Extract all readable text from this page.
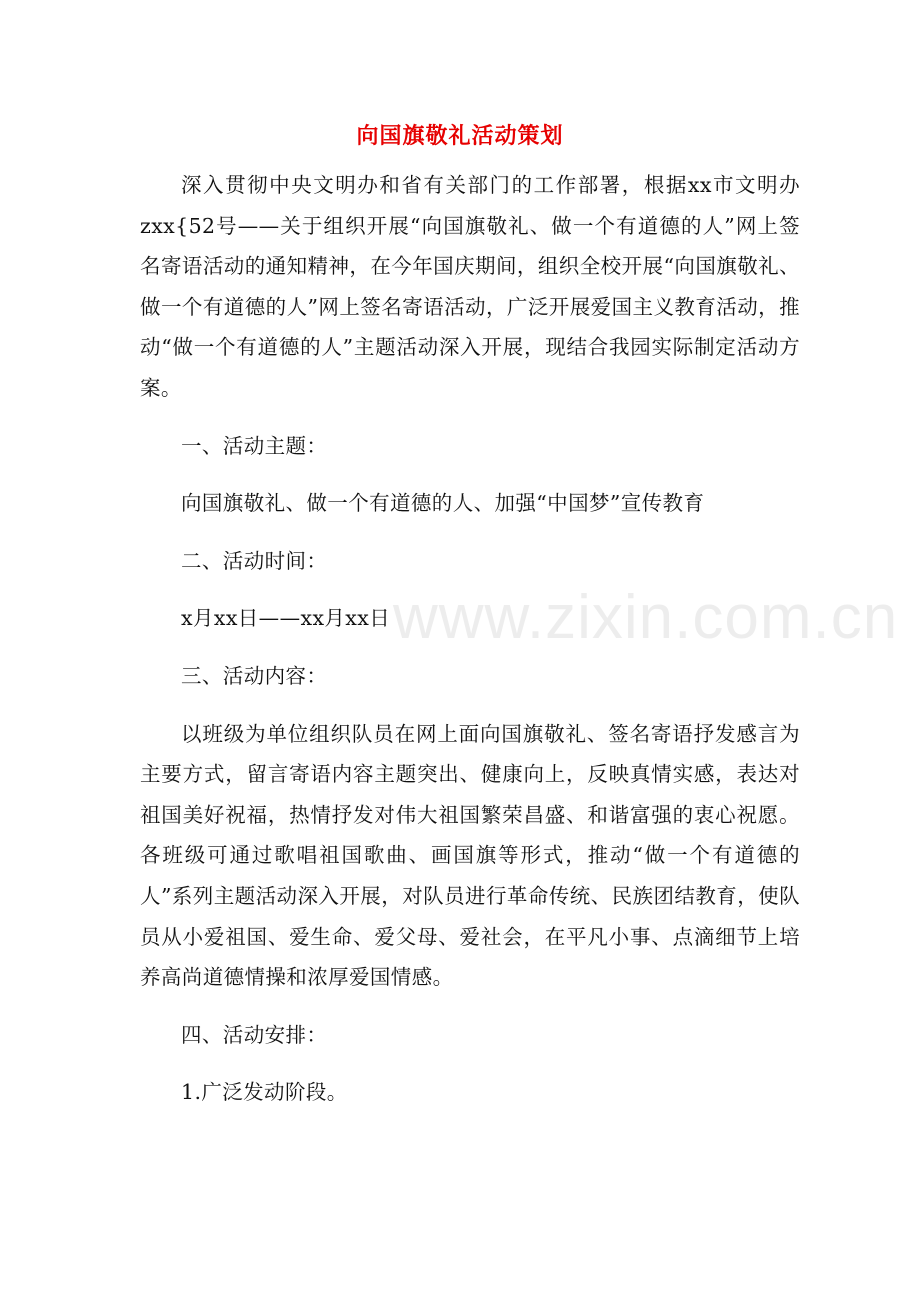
向国旗敬礼活动策划

深入贯彻中央文明办和省有关部门的工作部署，根据xx市文明办zxx{52号——关于组织开展“向国旗敬礼、做一个有道德的人”网上签名寄语活动的通知精神，在今年国庆期间，组织全校开展“向国旗敬礼、做一个有道德的人”网上签名寄语活动，广泛开展爱国主义教育活动，推动“做一个有道德的人”主题活动深入开展，现结合我园实际制定活动方案。

一、活动主题：

向国旗敬礼、做一个有道德的人、加强“中国梦”宣传教育

二、活动时间：

x月xx日——xx月xx日

三、活动内容：

以班级为单位组织队员在网上面向国旗敬礼、签名寄语抒发感言为主要方式，留言寄语内容主题突出、健康向上，反映真情实感，表达对祖国美好祝福，热情抒发对伟大祖国繁荣昌盛、和谐富强的衷心祝愿。各班级可通过歌唱祖国歌曲、画国旗等形式，推动“做一个有道德的人”系列主题活动深入开展，对队员进行革命传统、民族团结教育，使队员从小爱祖国、爱生命、爱父母、爱社会，在平凡小事、点滴细节上培养高尚道德情操和浓厚爱国情感。

四、活动安排：

1.广泛发动阶段。

www.zixin.com.cn
